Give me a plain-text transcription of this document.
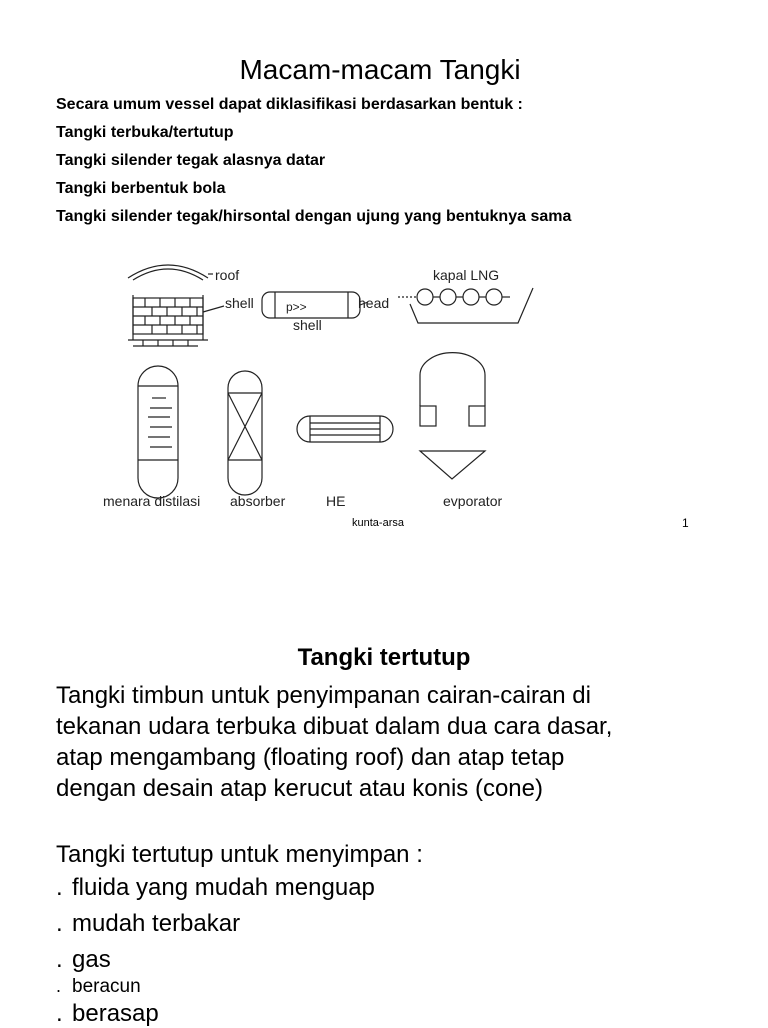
Macam-macam Tangki
Secara umum vessel dapat diklasifikasi berdasarkan bentuk :
Tangki terbuka/tertutup
Tangki silender tegak alasnya datar
Tangki berbentuk bola
Tangki silender tegak/hirsontal dengan ujung yang bentuknya sama
roof
shell	p>>
shell
head
kapal LNG
menara distilasi absorber	HE	evporator
kunta-arsa	1
Tangki tertutup
Tangki timbun untuk penyimpanan cairan-cairan di
tekanan udara terbuka dibuat dalam dua cara dasar,
atap mengambang (floating roof) dan atap tetap
dengan desain atap kerucut atau konis (cone)
Tangki tertutup untuk menyimpan :
. fluida yang mudah menguap
. mudah terbakar
. gas
. beracun
. berasap
